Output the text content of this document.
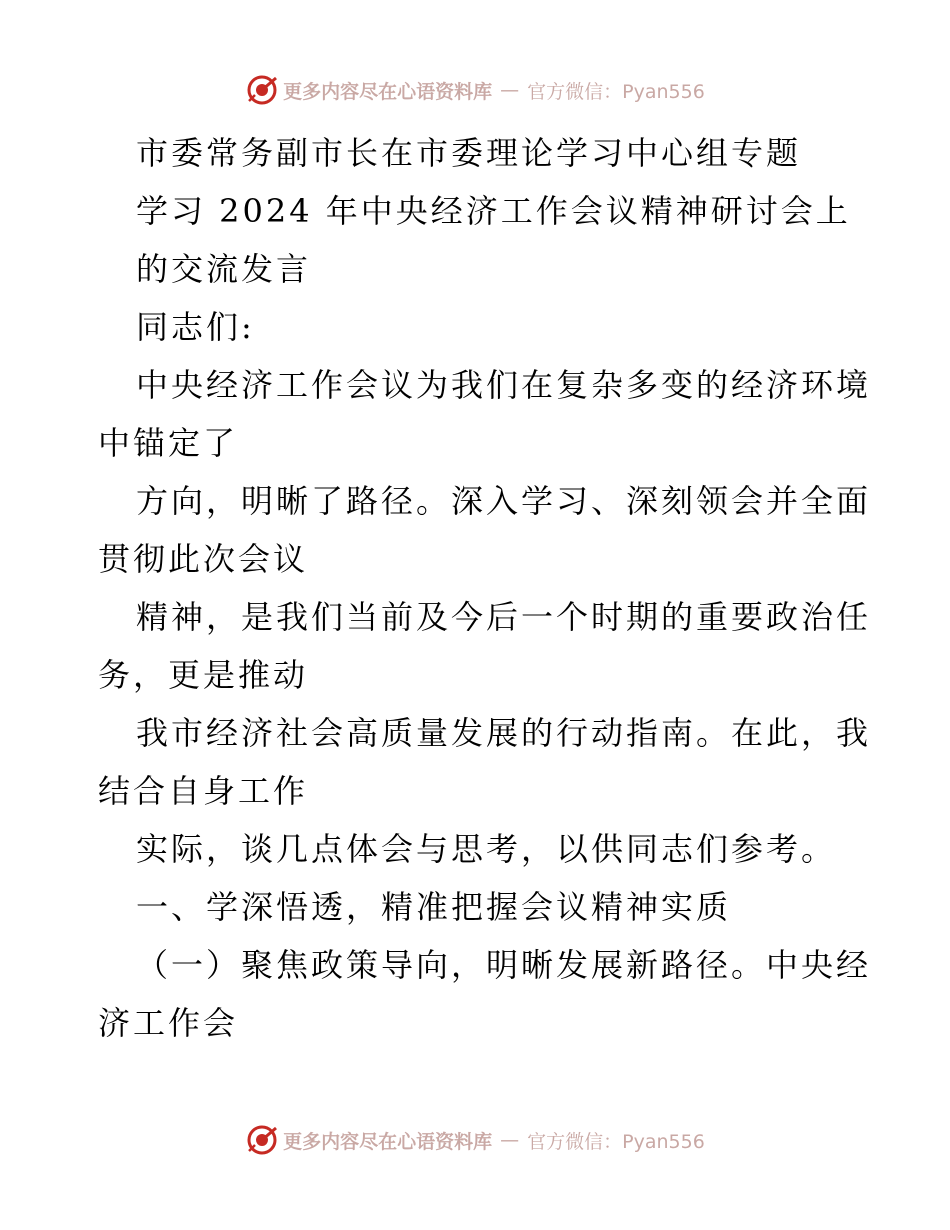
更多内容尽在心语资料库 — 官方微信：Pyan556
市委常务副市长在市委理论学习中心组专题
学习 2024 年中央经济工作会议精神研讨会上
的交流发言
同志们:
中央经济工作会议为我们在复杂多变的经济环境
中锚定了
方向，明晰了路径。深入学习、深刻领会并全面
贯彻此次会议
精神，是我们当前及今后一个时期的重要政治任
务，更是推动
我市经济社会高质量发展的行动指南。在此，我
结合自身工作
实际，谈几点体会与思考，以供同志们参考。
一、学深悟透，精准把握会议精神实质
（一）聚焦政策导向，明晰发展新路径。中央经
济工作会
更多内容尽在心语资料库 — 官方微信：Pyan556
